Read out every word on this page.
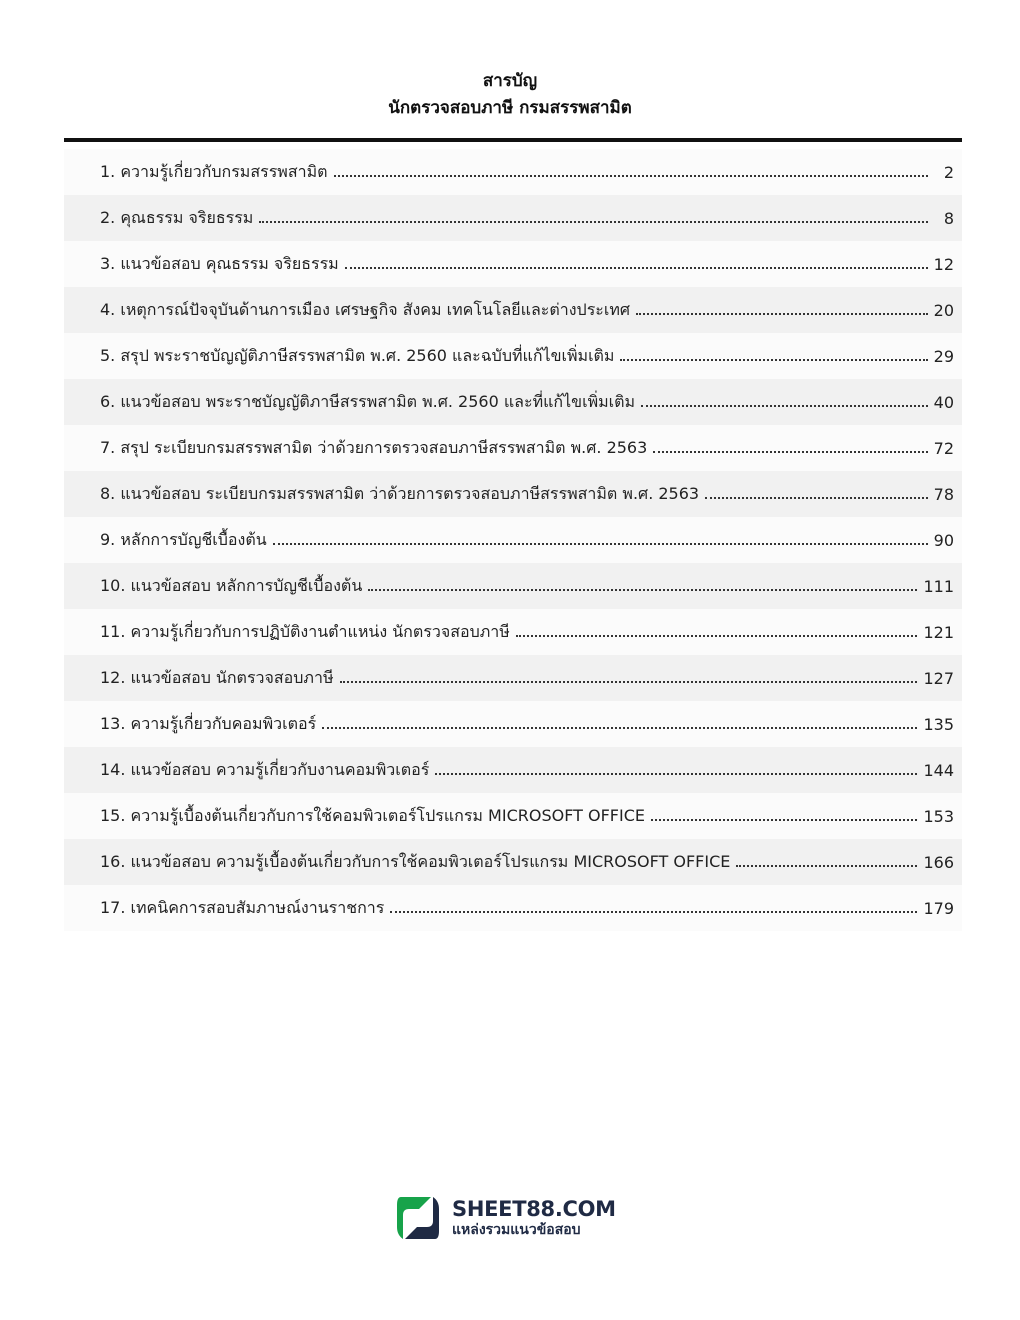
สารบัญ
นักตรวจสอบภาษี กรมสรรพสามิต
1. ความรู้เกี่ยวกับกรมสรรพสามิต	2
2. คุณธรรม จริยธรรม	8
3. แนวข้อสอบ คุณธรรม จริยธรรม	12
4. เหตุการณ์ปัจจุบันด้านการเมือง เศรษฐกิจ สังคม เทคโนโลยีและต่างประเทศ	20
5. สรุป พระราชบัญญัติภาษีสรรพสามิต พ.ศ. 2560 และฉบับที่แก้ไขเพิ่มเติม	29
6. แนวข้อสอบ พระราชบัญญัติภาษีสรรพสามิต พ.ศ. 2560 และที่แก้ไขเพิ่มเติม	40
7. สรุป ระเบียบกรมสรรพสามิต ว่าด้วยการตรวจสอบภาษีสรรพสามิต พ.ศ. 2563	72
8. แนวข้อสอบ ระเบียบกรมสรรพสามิต ว่าด้วยการตรวจสอบภาษีสรรพสามิต พ.ศ. 2563	78
9. หลักการบัญชีเบื้องต้น	90
10. แนวข้อสอบ หลักการบัญชีเบื้องต้น	111
11. ความรู้เกี่ยวกับการปฏิบัติงานตำแหน่ง นักตรวจสอบภาษี	121
12. แนวข้อสอบ นักตรวจสอบภาษี	127
13. ความรู้เกี่ยวกับคอมพิวเตอร์	135
14. แนวข้อสอบ ความรู้เกี่ยวกับงานคอมพิวเตอร์	144
15. ความรู้เบื้องต้นเกี่ยวกับการใช้คอมพิวเตอร์โปรแกรม MICROSOFT OFFICE	153
16. แนวข้อสอบ ความรู้เบื้องต้นเกี่ยวกับการใช้คอมพิวเตอร์โปรแกรม MICROSOFT OFFICE	166
17. เทคนิคการสอบสัมภาษณ์งานราชการ	179
SHEET88.COM
แหล่งรวมแนวข้อสอบ
